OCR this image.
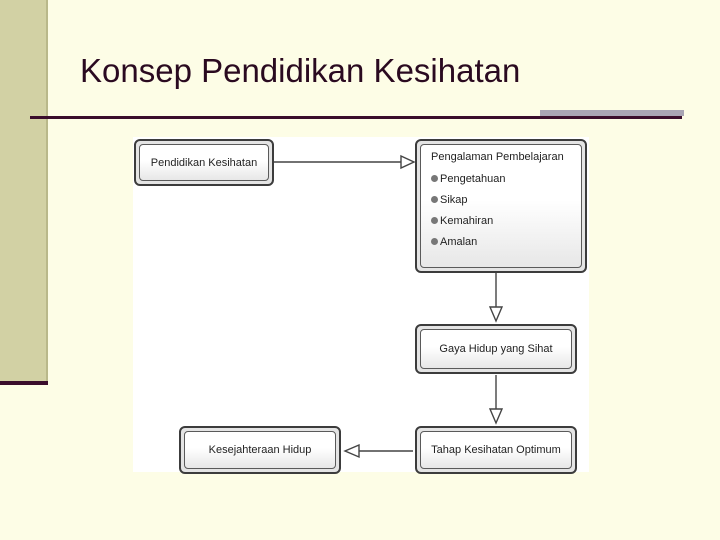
Konsep Pendidikan Kesihatan
Pendidikan Kesihatan	Pengalaman Pembelajaran
Pengetahuan
Sikap
Kemahiran
Amalan
Gaya Hidup yang Sihat
Tahap Kesihatan Optimum
Kesejahteraan Hidup
